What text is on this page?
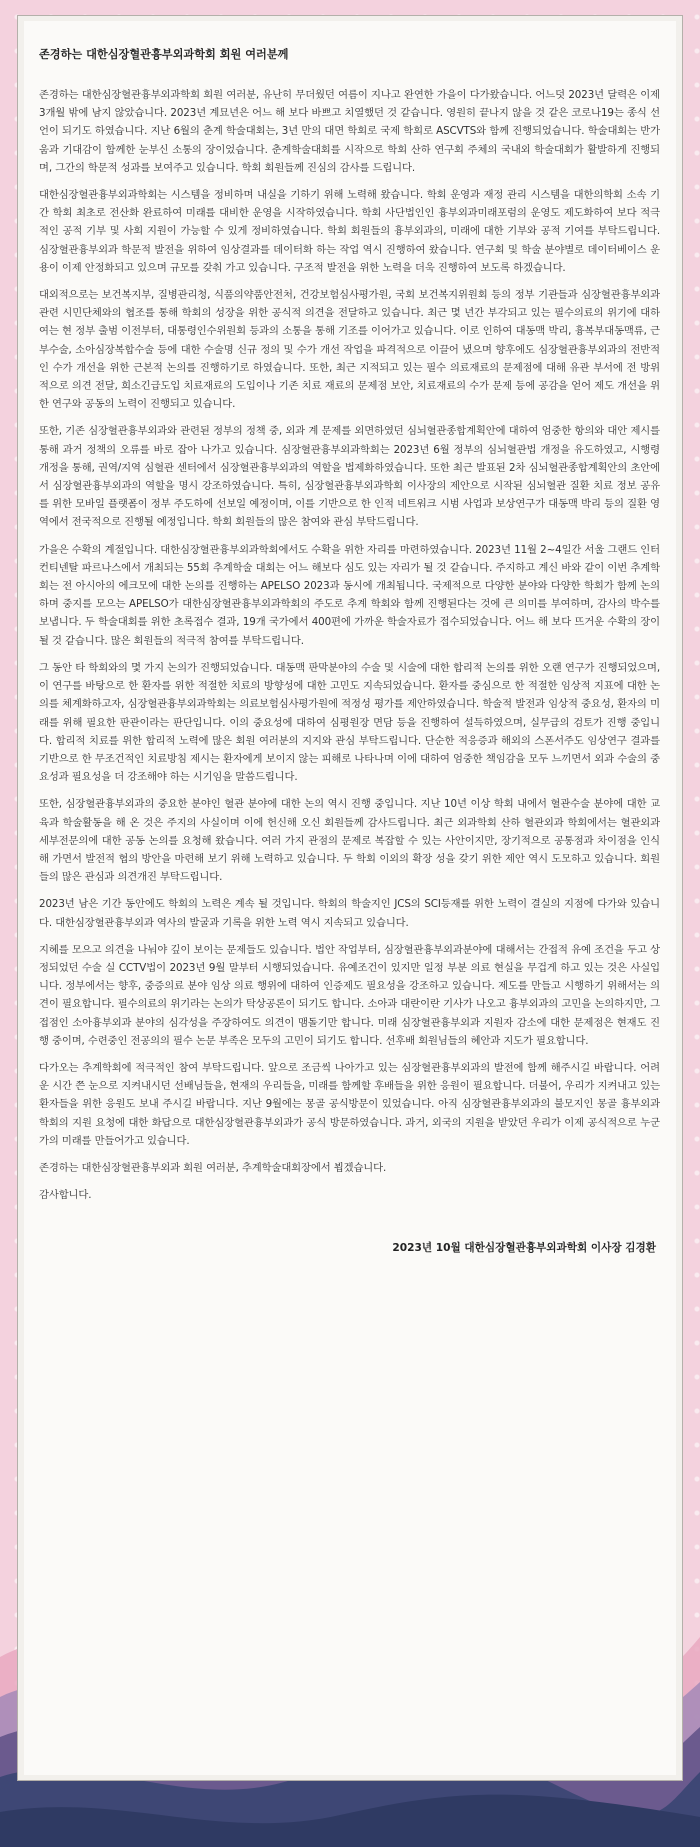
존경하는 대한심장혈관흉부외과학회 회원 여러분께

존경하는 대한심장혈관흉부외과학회 회원 여러분, 유난히 무더웠던 여름이 지나고 완연한 가을이 다가왔습니다. 어느덧 2023년 달력은 이제 3개월 밖에 남지 않았습니다. 2023년 계묘년은 어느 해 보다 바쁘고 치열했던 것 같습니다. 영원히 끝나지 않을 것 같은 코로나19는 종식 선언이 되기도 하였습니다. 지난 6월의 춘계 학술대회는, 3년 만의 대면 학회로 국제 학회로 ASCVTS와 함께 진행되었습니다. 학술대회는 반가움과 기대감이 함께한 눈부신 소통의 장이었습니다. 춘계학술대회를 시작으로 학회 산하 연구회 주체의 국내외 학술대회가 활발하게 진행되며, 그간의 학문적 성과를 보여주고 있습니다. 학회 회원들께 진심의 감사를 드립니다.

대한심장혈관흉부외과학회는 시스템을 정비하며 내실을 기하기 위해 노력해 왔습니다. 학회 운영과 재정 관리 시스템을 대한의학회 소속 기간 학회 최초로 전산화 완료하여 미래를 대비한 운영을 시작하였습니다. 학회 사단법인인 흉부외과미래포럼의 운영도 제도화하여 보다 적극적인 공적 기부 및 사회 지원이 가능할 수 있게 정비하였습니다. 학회 회원들의 흉부외과의, 미래에 대한 기부와 공적 기여를 부탁드립니다. 심장혈관흉부외과 학문적 발전을 위하여 임상결과를 데이터화 하는 작업 역시 진행하여 왔습니다. 연구회 및 학술 분야별로 데이터베이스 운용이 이제 안정화되고 있으며 규모를 갖춰 가고 있습니다. 구조적 발전을 위한 노력을 더욱 진행하여 보도록 하겠습니다.

대외적으로는 보건복지부, 질병관리청, 식품의약품안전처, 건강보험심사평가원, 국회 보건복지위원회 등의 정부 기관들과 심장혈관흉부외과 관련 시민단체와의 협조를 통해 학회의 성장을 위한 공식적 의견을 전달하고 있습니다. 최근 몇 년간 부각되고 있는 필수의료의 위기에 대하여는 현 정부 출범 이전부터, 대통령인수위원회 등과의 소통을 통해 기조를 이어가고 있습니다. 이로 인하여 대동맥 박리, 흉복부대동맥류, 근부수술, 소아심장복합수술 등에 대한 수술명 신규 정의 및 수가 개선 작업을 파격적으로 이끌어 냈으며 향후에도 심장혈관흉부외과의 전반적인 수가 개선을 위한 근본적 논의를 진행하기로 하였습니다. 또한, 최근 지적되고 있는 필수 의료재료의 문제점에 대해 유관 부서에 전 방위 적으로 의견 전달, 희소긴급도입 치료재료의 도입이나 기존 치료 재료의 문제점 보안, 치료재료의 수가 문제 등에 공감을 얻어 제도 개선을 위한 연구와 공동의 노력이 진행되고 있습니다.

또한, 기존 심장혈관흉부외과와 관련된 정부의 정책 중, 외과 계 문제를 외면하였던 심뇌혈관종합계획안에 대하여 엄중한 항의와 대안 제시를 통해 과거 정책의 오류를 바로 잡아 나가고 있습니다. 심장혈관흉부외과학회는 2023년 6월 정부의 심뇌혈관법 개정을 유도하였고, 시행령 개정을 통해, 권역/지역 심혈관 센터에서 심장혈관흉부외과의 역할을 법제화하였습니다. 또한 최근 발표된 2차 심뇌혈관종합계획안의 초안에서 심장혈관흉부외과의 역할을 명시 강조하였습니다. 특히, 심장혈관흉부외과학회 이사장의 제안으로 시작된 심뇌혈관 질환 치료 정보 공유를 위한 모바일 플랫폼이 정부 주도하에 선보일 예정이며, 이를 기반으로 한 인적 네트워크 시범 사업과 보상연구가 대동맥 박리 등의 질환 영역에서 전국적으로 진행될 예정입니다. 학회 회원들의 많은 참여와 관심 부탁드립니다.

가을은 수확의 계절입니다. 대한심장혈관흉부외과학회에서도 수확을 위한 자리를 마련하였습니다. 2023년 11월 2~4일간 서울 그랜드 인터컨티넨탈 파르나스에서 개최되는 55회 추계학술 대회는 어느 해보다 심도 있는 자리가 될 것 같습니다. 주지하고 계신 바와 같이 이번 추계학회는 전 아시아의 에크모에 대한 논의를 진행하는 APELSO 2023과 동시에 개최됩니다. 국제적으로 다양한 분야와 다양한 학회가 함께 논의하며 중지를 모으는 APELSO가 대한심장혈관흉부외과학회의 주도로 추계 학회와 함께 진행된다는 것에 큰 의미를 부여하며, 감사의 박수를 보냅니다. 두 학술대회를 위한 초록접수 결과, 19개 국가에서 400편에 가까운 학술자료가 접수되었습니다. 어느 해 보다 뜨거운 수확의 장이 될 것 같습니다. 많은 회원들의 적극적 참여를 부탁드립니다.

그 동안 타 학회와의 몇 가지 논의가 진행되었습니다. 대동맥 판막분야의 수술 및 시술에 대한 합리적 논의를 위한 오랜 연구가 진행되었으며, 이 연구를 바탕으로 한 환자를 위한 적절한 치료의 방향성에 대한 고민도 지속되었습니다. 환자를 중심으로 한 적절한 임상적 지표에 대한 논의를 체계화하고자, 심장혈관흉부외과학회는 의료보험심사평가원에 적정성 평가를 제안하였습니다. 학술적 발전과 임상적 중요성, 환자의 미래를 위해 필요한 판관이라는 판단입니다. 이의 중요성에 대하여 심평원장 면담 등을 진행하여 설득하였으며, 실무급의 검토가 진행 중입니다. 합리적 치료를 위한 합리적 노력에 많은 회원 여러분의 지지와 관심 부탁드립니다. 단순한 적응증과 해외의 스폰서주도 임상연구 결과를 기반으로 한 무조건적인 치료방침 제시는 환자에게 보이지 않는 피해로 나타나며 이에 대하여 엄중한 책임감을 모두 느끼면서 외과 수술의 중요성과 필요성을 더 강조해야 하는 시기임을 말씀드립니다.

또한, 심장혈관흉부외과의 중요한 분야인 혈관 분야에 대한 논의 역시 진행 중입니다. 지난 10년 이상 학회 내에서 혈관수술 분야에 대한 교육과 학술활동을 해 온 것은 주지의 사실이며 이에 헌신해 오신 회원들께 감사드립니다. 최근 외과학회 산하 혈관외과 학회에서는 혈관외과 세부전문의에 대한 공동 논의를 요청해 왔습니다. 여러 가지 관점의 문제로 복잡할 수 있는 사안이지만, 장기적으로 공통점과 차이점을 인식해 가면서 발전적 협의 방안을 마련해 보기 위해 노력하고 있습니다. 두 학회 이외의 확장 성을 갖기 위한 제안 역시 도모하고 있습니다. 회원들의 많은 관심과 의견개진 부탁드립니다.

2023년 남은 기간 동안에도 학회의 노력은 계속 될 것입니다. 학회의 학술지인 JCS의 SCI등재를 위한 노력이 결실의 지점에 다가와 있습니다. 대한심장혈관흉부외과 역사의 발굴과 기록을 위한 노력 역시 지속되고 있습니다.

지혜를 모으고 의견을 나눠야 깊이 보이는 문제들도 있습니다. 법안 작업부터, 심장혈관흉부외과분야에 대해서는 간접적 유예 조건을 두고 상정되었던 수술 실 CCTV법이 2023년 9월 말부터 시행되었습니다. 유예조건이 있지만 일정 부분 의료 현실을 무겁게 하고 있는 것은 사실입니다. 정부에서는 향후, 중증의료 분야 임상 의료 행위에 대하여 인증제도 필요성을 강조하고 있습니다. 제도를 만들고 시행하기 위해서는 의견이 필요합니다. 필수의료의 위기라는 논의가 탁상공론이 되기도 합니다. 소아과 대란이란 기사가 나오고 흉부외과의 고민을 논의하지만, 그 접점인 소아흉부외과 분야의 심각성을 주장하여도 의견이 맴돌기만 합니다. 미래 심장혈관흉부외과 지원자 감소에 대한 문제점은 현재도 진행 중이며, 수련중인 전공의의 필수 논문 부족은 모두의 고민이 되기도 합니다. 선후배 회원님들의 혜안과 지도가 필요합니다.

다가오는 추계학회에 적극적인 참여 부탁드립니다. 앞으로 조금씩 나아가고 있는 심장혈관흉부외과의 발전에 함께 해주시길 바랍니다. 어려운 시간 쯘 눈으로 지켜내시던 선배님들을, 현재의 우리들을, 미래를 함께할 후배들을 위한 응원이 필요합니다. 더불어, 우리가 지켜내고 있는 환자들을 위한 응원도 보내 주시길 바랍니다. 지난 9월에는 몽골 공식방문이 있었습니다. 아직 심장혈관흉부외과의 불모지인 몽골 흉부외과 학회의 지원 요청에 대한 화답으로 대한심장혈관흉부외과가 공식 방문하였습니다. 과거, 외국의 지원을 받았던 우리가 이제 공식적으로 누군가의 미래를 만들어가고 있습니다.

존경하는 대한심장혈관흉부외과 회원 여러분, 추계학술대회장에서 뵙겠습니다.

감사합니다.

2023년 10월 대한심장혈관흉부외과학회 이사장 김경환
